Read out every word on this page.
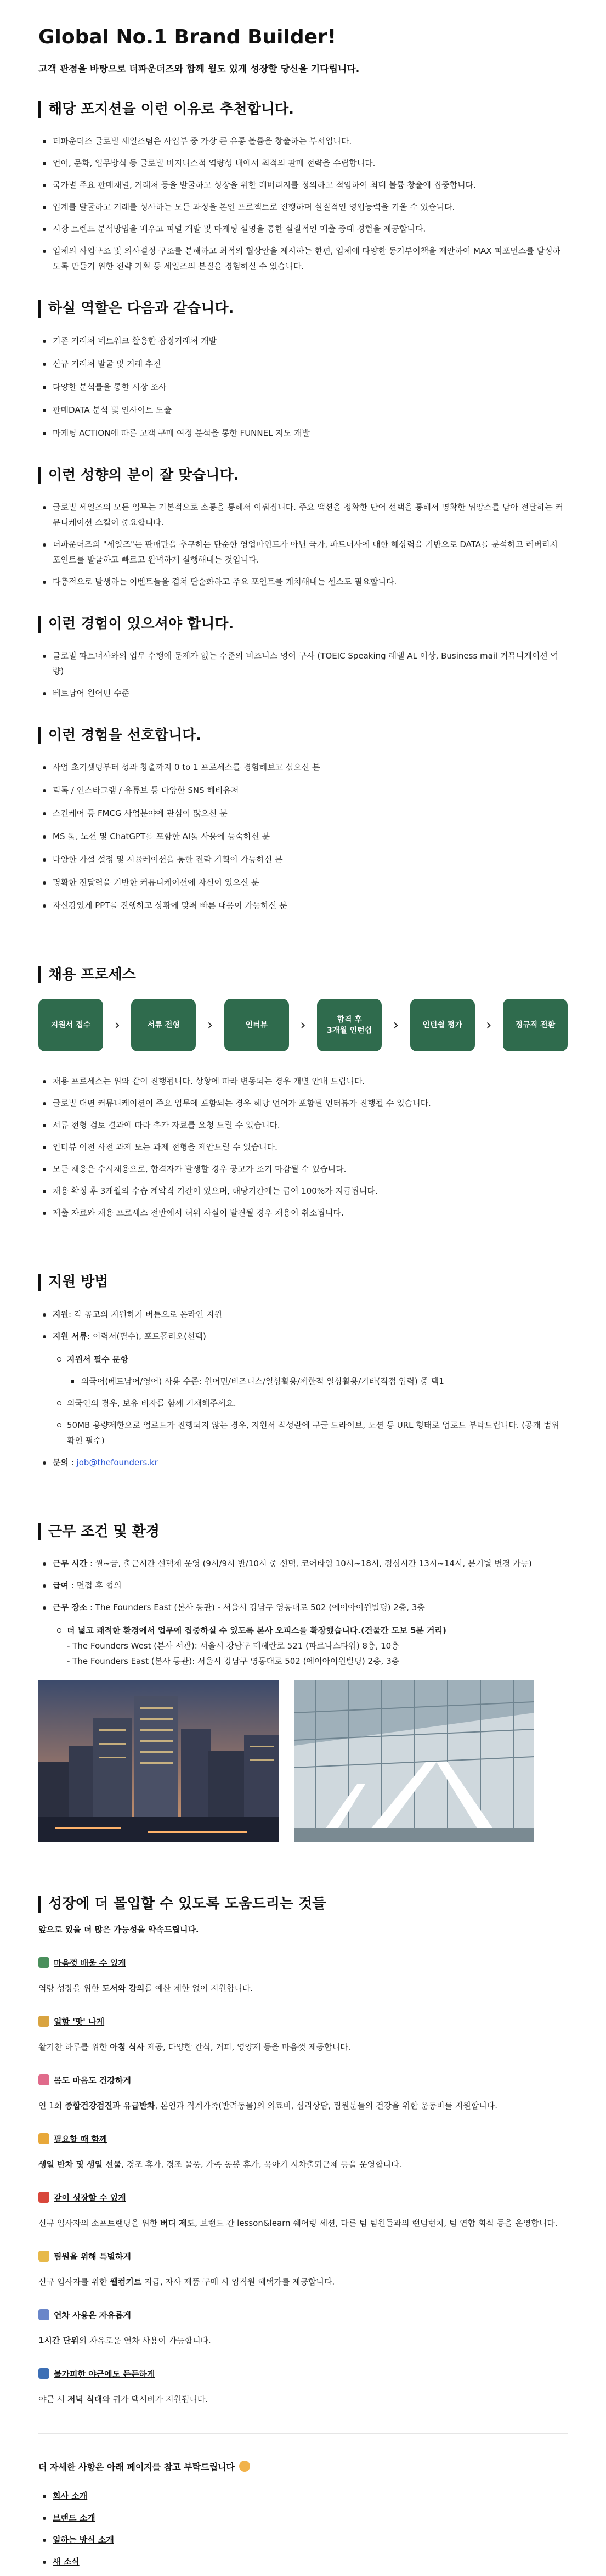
Global No.1 Brand Builder!

고객 관점을 바탕으로 더파운더즈와 함께 월도 있게 성장할 당신을 기다립니다.

해당 포지션을 이런 이유로 추천합니다.
더파운더즈 글로벌 세일즈팀은 사업부 중 가장 큰 유통 볼륨을 창출하는 부서입니다.
언어, 문화, 업무방식 등 글로벌 비지니스적 역량성 내에서 최적의 판매 전략을 수립합니다.
국가별 주요 판매채널, 거래처 등을 발굴하고 성장을 위한 레버리지를 정의하고 적임하여 최대 볼륨 창출에 집중합니다.
업계를 발굴하고 거래를 성사하는 모든 과정을 본인 프로젝트로 진행하며 실질적인 영업능력을 키울 수 있습니다.
시장 트렌드 분석방법을 배우고 퍼널 개발 및 마케팅 설명을 통한 실질적인 매출 증대 경험을 제공합니다.
업체의 사업구조 및 의사결정 구조를 분해하고 최적의 협상안을 제시하는 한편, 업체에 다양한 동기부여책을 제안하여 MAX 퍼포먼스를 달성하도록 만들기 위한 전략 기획 등 세일즈의 본질을 경험하실 수 있습니다.
하실 역할은 다음과 같습니다.
기존 거래처 네트워크 활용한 잠정거래처 개발
신규 거래처 발굴 및 거래 추진
다양한 분석툴을 통한 시장 조사
판매DATA 분석 및 인사이트 도출
마케팅 ACTION에 따른 고객 구매 여정 분석을 통한 FUNNEL 지도 개발
이런 성향의 분이 잘 맞습니다.
글로벌 세일즈의 모든 업무는 기본적으로 소통을 통해서 이뤄집니다. 주요 액션을 정확한 단어 선택을 통해서 명확한 뉘앙스를 담아 전달하는 커뮤니케이션 스킬이 중요합니다.
더파운더즈의 "세일즈"는 판매만을 추구하는 단순한 영업마인드가 아닌 국가, 파트너사에 대한 해상력을 기반으로 DATA를 분석하고 레버리지 포인트를 발굴하고 빠르고 완벽하게 실행해내는 것입니다.
다층적으로 발생하는 이벤트들을 겹쳐 단순화하고 주요 포인트를 캐치해내는 센스도 필요합니다.
이런 경험이 있으셔야 합니다.
글로벌 파트너사와의 업무 수행에 문제가 없는 수준의 비즈니스 영어 구사 (TOEIC Speaking 레벨 AL 이상, Business mail 커뮤니케이션 역량)
베트남어 원어민 수준
이런 경험을 선호합니다.
사업 초기셋팅부터 성과 창출까지 0 to 1 프로세스를 경험해보고 싶으신 분
틱톡 / 인스타그램 / 유튜브 등 다양한 SNS 헤비유저
스킨케어 등 FMCG 사업분야에 관심이 많으신 분
MS 툴, 노션 및 ChatGPT를 포함한 AI툴 사용에 능숙하신 분
다양한 가설 설정 및 시뮬레이션을 통한 전략 기획이 가능하신 분
명확한 전달력을 기반한 커뮤니케이션에 자신이 있으신 분
자신감있게 PPT를 진행하고 상황에 맞춰 빠른 대응이 가능하신 분
채용 프로세스
지원서 접수	›	서류 전형	›	인터뷰	›	합격 후
3개월 인턴쉽	›	인턴쉽 평가	›	정규직 전환
채용 프로세스는 위와 같이 진행됩니다. 상황에 따라 변동되는 경우 개별 안내 드립니다.
글로벌 대면 커뮤니케이션이 주요 업무에 포함되는 경우 해당 언어가 포함된 인터뷰가 진행될 수 있습니다.
서류 전형 검토 결과에 따라 추가 자료를 요청 드릴 수 있습니다.
인터뷰 이전 사전 과제 또는 과제 전형을 제안드릴 수 있습니다.
모든 채용은 수시채용으로, 합격자가 발생할 경우 공고가 조기 마감될 수 있습니다.
채용 확정 후 3개월의 수습 계약직 기간이 있으며, 해당기간에는 급여 100%가 지급됩니다.
제출 자료와 채용 프로세스 전반에서 허위 사실이 발견될 경우 채용이 취소됩니다.
지원 방법
지원: 각 공고의 지원하기 버튼으로 온라인 지원
지원 서류: 이력서(필수), 포트폴리오(선택)
지원서 필수 문항
외국어(베트남어/영어) 사용 수준: 원어민/비즈니스/일상활용/제한적 일상활용/기타(직접 입력) 중 택1
외국인의 경우, 보유 비자를 함께 기재해주세요.
50MB 용량제한으로 업로드가 진행되지 않는 경우, 지원서 작성란에 구글 드라이브, 노션 등 URL 형태로 업로드 부탁드립니다. (공개 범위 확인 필수)
문의 : job@thefounders.kr
근무 조건 및 환경
근무 시간 : 월~금, 출근시간 선택제 운영 (9시/9시 반/10시 중 선택, 코어타임 10시~18시, 점심시간 13시~14시, 분기별 변경 가능)
급여 : 면접 후 협의
근무 장소 : The Founders East (본사 동관) - 서울시 강남구 영동대로 502 (에이아이원빌딩) 2층, 3층
더 넓고 쾌적한 환경에서 업무에 집중하실 수 있도록 본사 오피스를 확장했습니다.(건물간 도보 5분 거리)
- The Founders West (본사 서관): 서울시 강남구 테헤란로 521 (파르나스타워) 8층, 10층
- The Founders East (본사 동관): 서울시 강남구 영동대로 502 (에이아이원빌딩) 2층, 3층
성장에 더 몰입할 수 있도록 도움드리는 것들

앞으로 있을 더 많은 가능성을 약속드립니다.

마음껏 배울 수 있게
역량 성장을 위한 도서와 강의를 예산 제한 없이 지원합니다.
일할 '맛' 나게
활기찬 하루를 위한 아침 식사 제공, 다양한 간식, 커피, 영양제 등을 마음껏 제공합니다.
몸도 마음도 건강하게
연 1회 종합건강검진과 유급반차, 본인과 직계가족(반려동물)의 의료비, 심리상담, 팀원분들의 건강을 위한 운동비를 지원합니다.
필요할 때 함께
생일 반차 및 생일 선물, 경조 휴가, 경조 물품, 가족 동봉 휴가, 육아기 시차출퇴근제 등을 운영합니다.
같이 성장할 수 있게
신규 입사자의 소프트랜딩을 위한 버디 제도, 브랜드 간 lesson&learn 쉐어링 세션, 다른 팀 팀원들과의 랜덤런치, 팀 연합 회식 등을 운영합니다.
팀원을 위해 특별하게
신규 입사자를 위한 웰컴키트 지급, 자사 제품 구매 시 임직원 혜택가를 제공합니다.
연차 사용은 자유롭게
1시간 단위의 자유로운 연차 사용이 가능합니다.
불가피한 야근에도 든든하게
야근 시 저녁 식대와 귀가 택시비가 지원됩니다.
더 자세한 사항은 아래 페이지를 참고 부탁드립니다
회사 소개
브랜드 소개
일하는 방식 소개
새 소식
